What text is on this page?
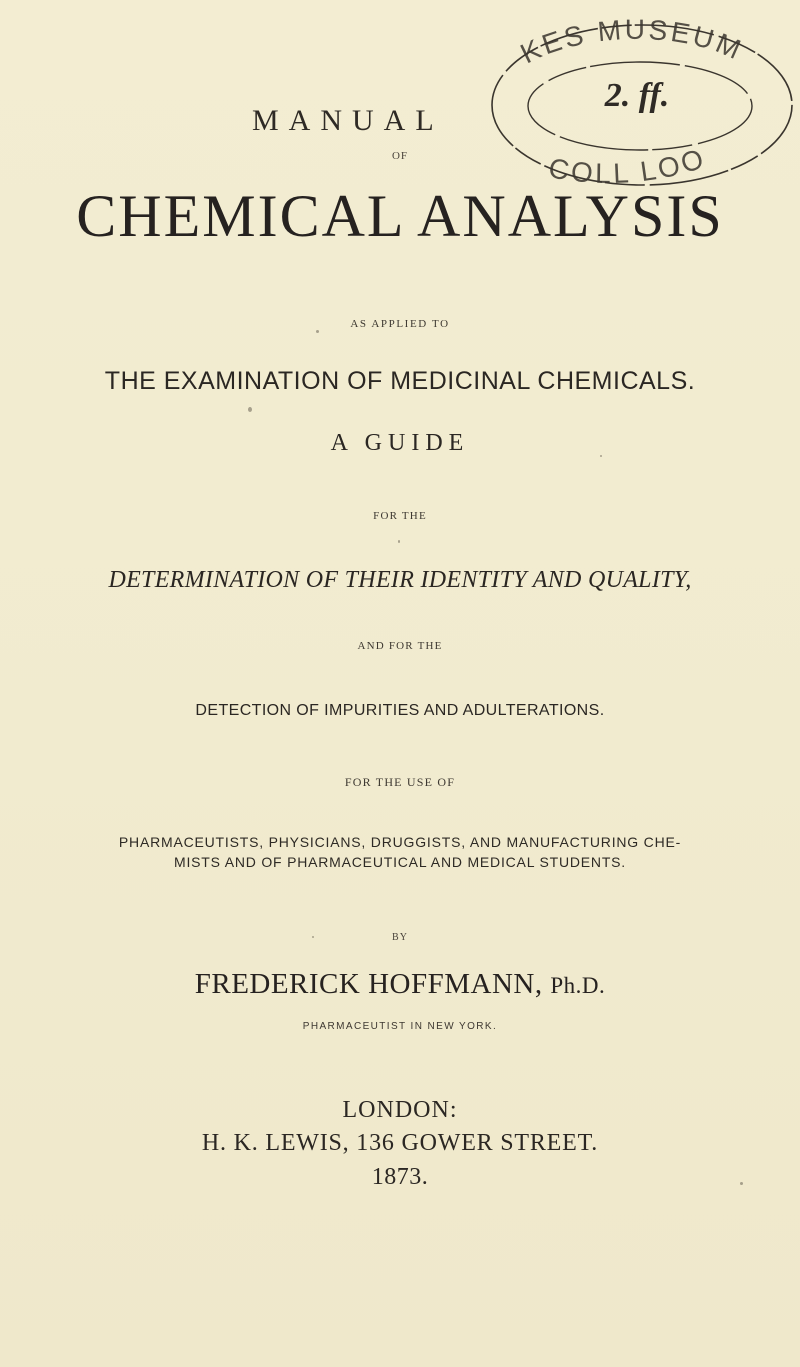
KES MUSEUM
2. ff.
COLL LOO
MANUAL
OF
CHEMICAL ANALYSIS
AS APPLIED TO
THE EXAMINATION OF MEDICINAL CHEMICALS.
A GUIDE
FOR THE
DETERMINATION OF THEIR IDENTITY AND QUALITY,
AND FOR THE
DETECTION OF IMPURITIES AND ADULTERATIONS.
FOR THE USE OF
PHARMACEUTISTS, PHYSICIANS, DRUGGISTS, AND MANUFACTURING CHE-
MISTS AND OF PHARMACEUTICAL AND MEDICAL STUDENTS.
BY
FREDERICK HOFFMANN, Ph.D.
PHARMACEUTIST IN NEW YORK.
LONDON:
H. K. LEWIS, 136 GOWER STREET.
1873.
